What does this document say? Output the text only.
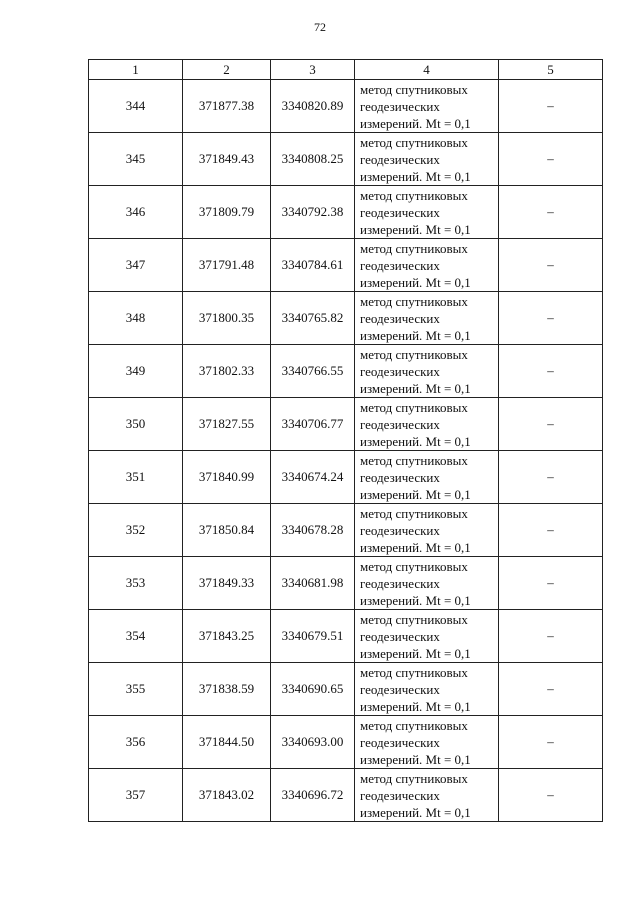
72
1	2	3	4	5
344	371877.38	3340820.89	метод спутниковых
геодезических
измерений. Mt = 0,1	–
345	371849.43	3340808.25	метод спутниковых
геодезических
измерений. Mt = 0,1	–
346	371809.79	3340792.38	метод спутниковых
геодезических
измерений. Mt = 0,1	–
347	371791.48	3340784.61	метод спутниковых
геодезических
измерений. Mt = 0,1	–
348	371800.35	3340765.82	метод спутниковых
геодезических
измерений. Mt = 0,1	–
349	371802.33	3340766.55	метод спутниковых
геодезических
измерений. Mt = 0,1	–
350	371827.55	3340706.77	метод спутниковых
геодезических
измерений. Mt = 0,1	–
351	371840.99	3340674.24	метод спутниковых
геодезических
измерений. Mt = 0,1	–
352	371850.84	3340678.28	метод спутниковых
геодезических
измерений. Mt = 0,1	–
353	371849.33	3340681.98	метод спутниковых
геодезических
измерений. Mt = 0,1	–
354	371843.25	3340679.51	метод спутниковых
геодезических
измерений. Mt = 0,1	–
355	371838.59	3340690.65	метод спутниковых
геодезических
измерений. Mt = 0,1	–
356	371844.50	3340693.00	метод спутниковых
геодезических
измерений. Mt = 0,1	–
357	371843.02	3340696.72	метод спутниковых
геодезических
измерений. Mt = 0,1	–
